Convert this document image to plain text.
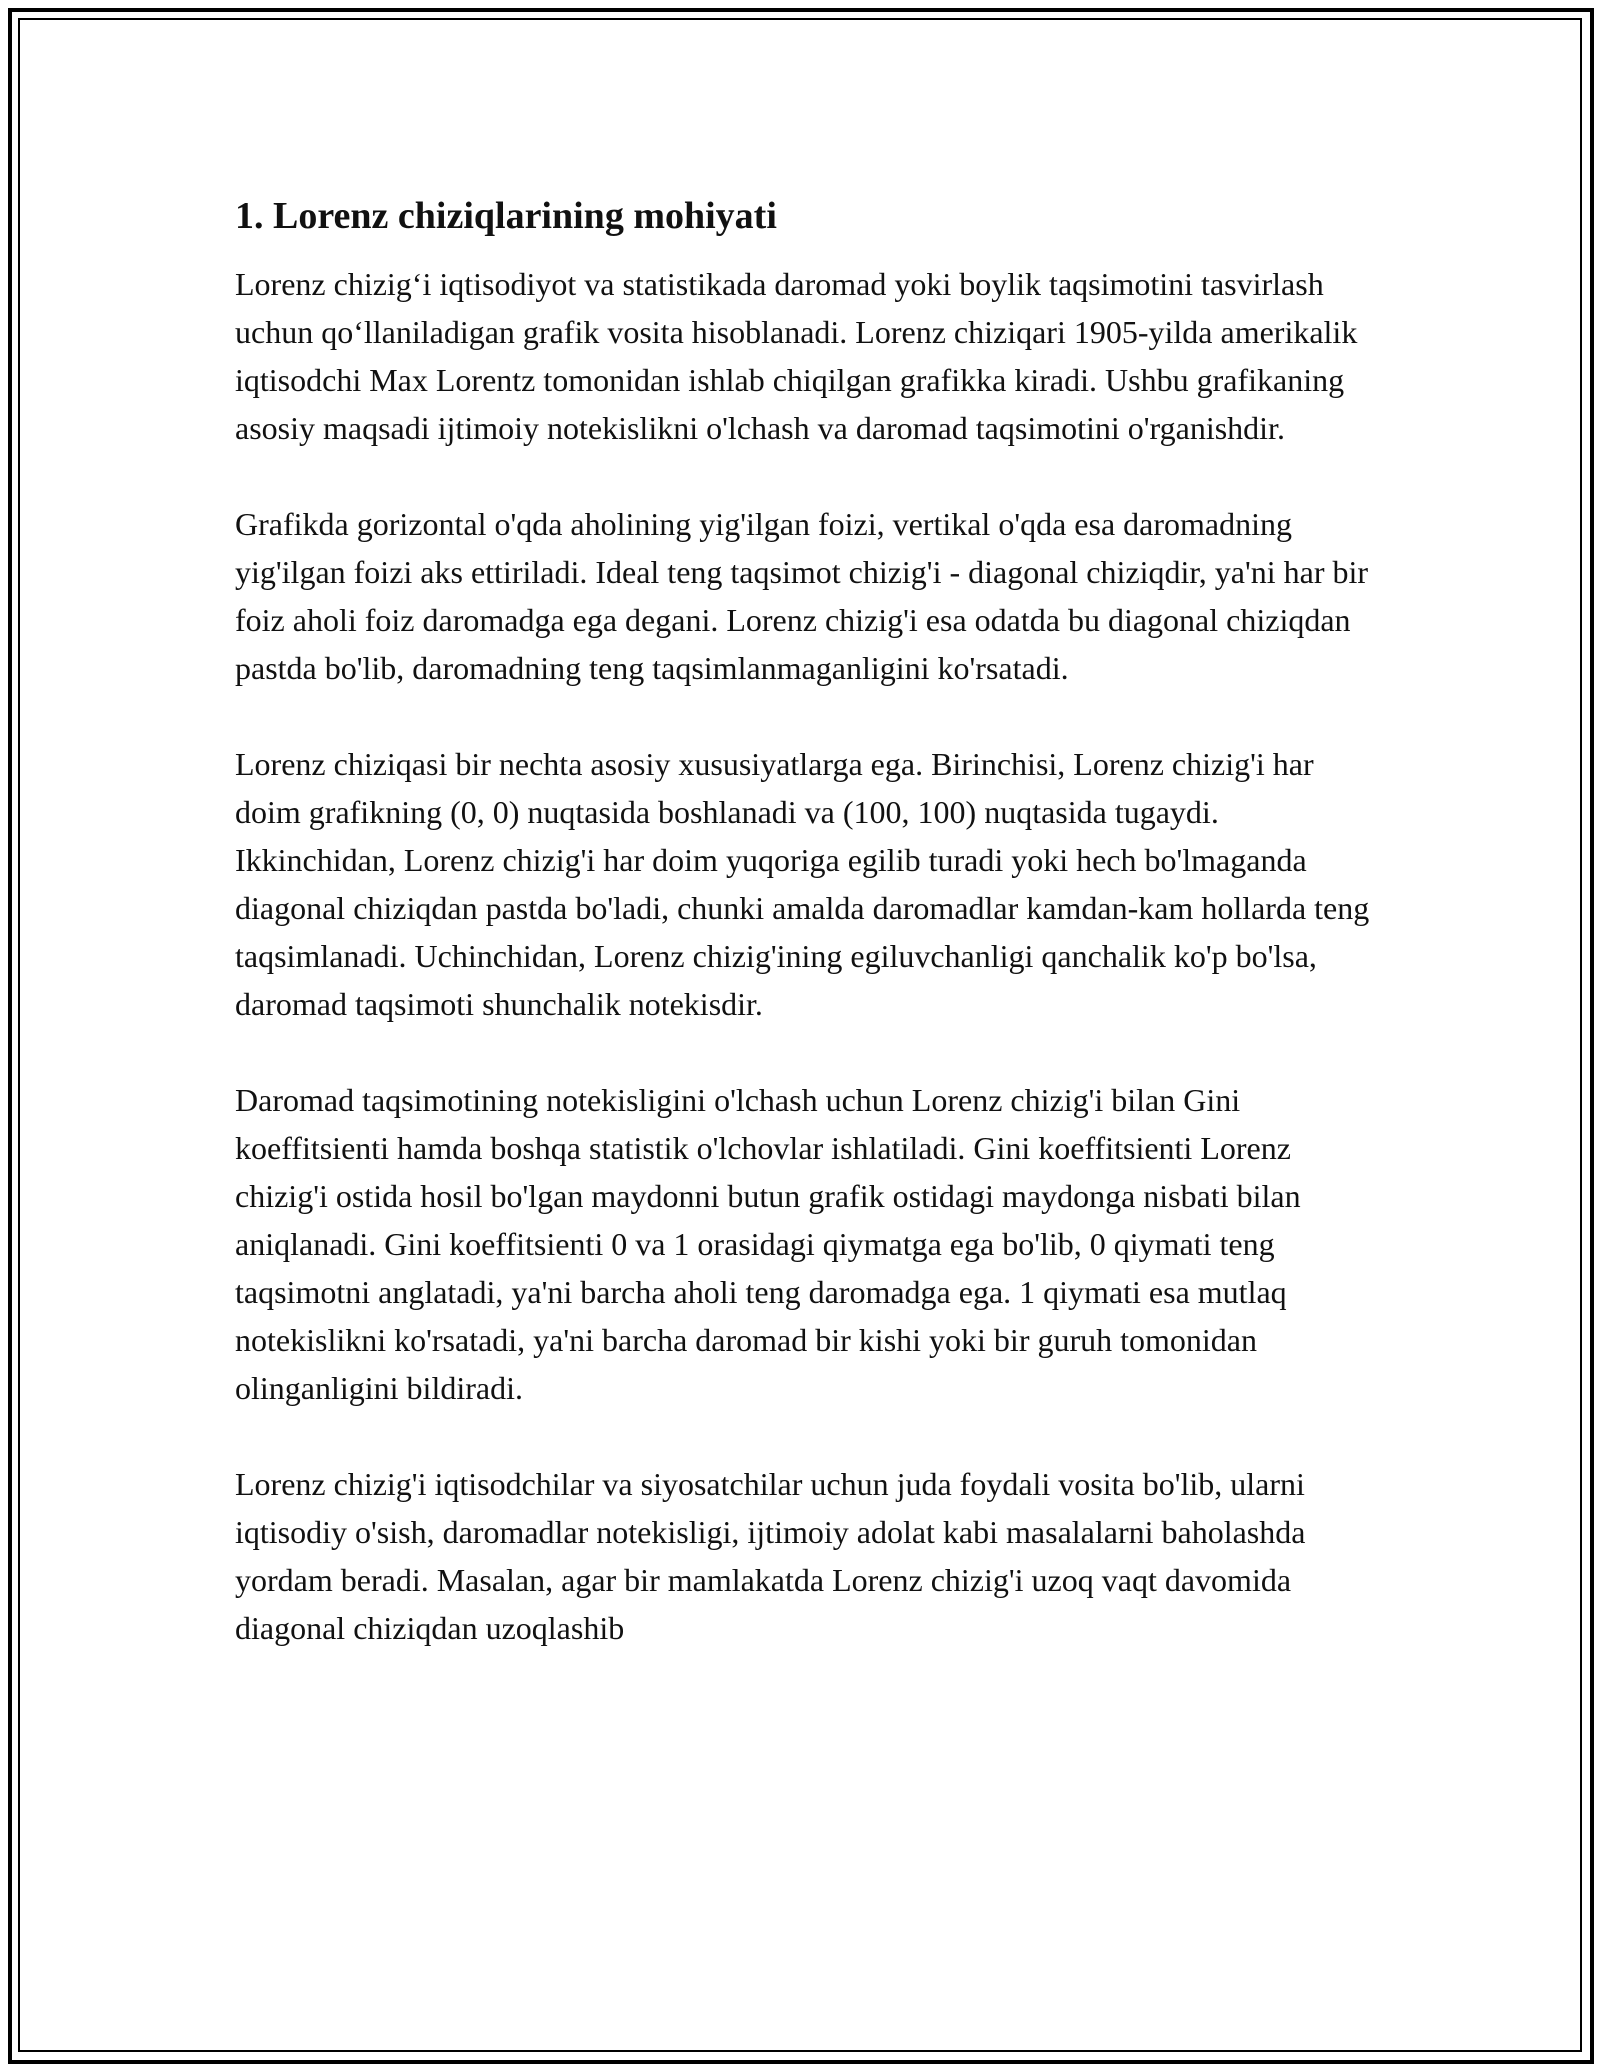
1. Lorenz chiziqlarining mohiyati

Lorenz chizig‘i iqtisodiyot va statistikada daromad yoki boylik taqsimotini tasvirlash uchun qo‘llaniladigan grafik vosita hisoblanadi. Lorenz chiziqari 1905-yilda amerikalik iqtisodchi Max Lorentz tomonidan ishlab chiqilgan grafikka kiradi. Ushbu grafikaning asosiy maqsadi ijtimoiy notekislikni o'lchash va daromad taqsimotini o'rganishdir.

Grafikda gorizontal o'qda aholining yig'ilgan foizi, vertikal o'qda esa daromadning yig'ilgan foizi aks ettiriladi. Ideal teng taqsimot chizig'i - diagonal chiziqdir, ya'ni har bir foiz aholi foiz daromadga ega degani. Lorenz chizig'i esa odatda bu diagonal chiziqdan pastda bo'lib, daromadning teng taqsimlanmaganligini ko'rsatadi.

Lorenz chiziqasi bir nechta asosiy xususiyatlarga ega. Birinchisi, Lorenz chizig'i har doim grafikning (0, 0) nuqtasida boshlanadi va (100, 100) nuqtasida tugaydi. Ikkinchidan, Lorenz chizig'i har doim yuqoriga egilib turadi yoki hech bo'lmaganda diagonal chiziqdan pastda bo'ladi, chunki amalda daromadlar kamdan-kam hollarda teng taqsimlanadi. Uchinchidan, Lorenz chizig'ining egiluvchanligi qanchalik ko'p bo'lsa, daromad taqsimoti shunchalik notekisdir.

Daromad taqsimotining notekisligini o'lchash uchun Lorenz chizig'i bilan Gini koeffitsienti hamda boshqa statistik o'lchovlar ishlatiladi. Gini koeffitsienti Lorenz chizig'i ostida hosil bo'lgan maydonni butun grafik ostidagi maydonga nisbati bilan aniqlanadi. Gini koeffitsienti 0 va 1 orasidagi qiymatga ega bo'lib, 0 qiymati teng taqsimotni anglatadi, ya'ni barcha aholi teng daromadga ega. 1 qiymati esa mutlaq notekislikni ko'rsatadi, ya'ni barcha daromad bir kishi yoki bir guruh tomonidan olinganligini bildiradi.

Lorenz chizig'i iqtisodchilar va siyosatchilar uchun juda foydali vosita bo'lib, ularni iqtisodiy o'sish, daromadlar notekisligi, ijtimoiy adolat kabi masalalarni baholashda yordam beradi. Masalan, agar bir mamlakatda Lorenz chizig'i uzoq vaqt davomida diagonal chiziqdan uzoqlashib
